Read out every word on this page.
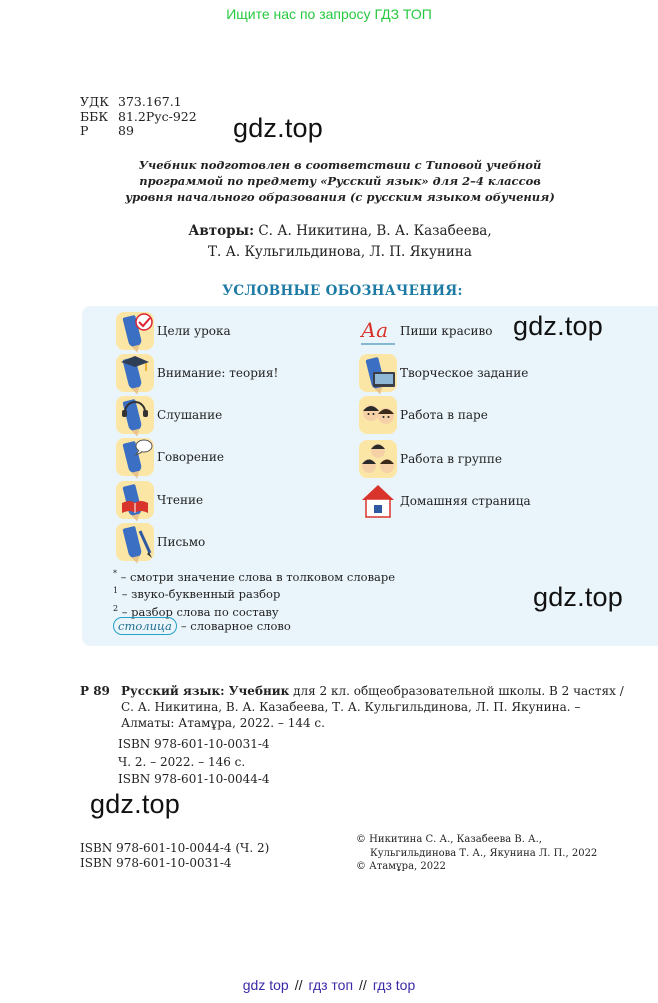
Ищите нас по запросу ГДЗ ТОП
УДК 373.167.1
ББК 81.2Рус-922
Р 89	gdz.top
Учебник подготовлен в соответствии с Типовой учебной
программой по предмету «Русский язык» для 2–4 классов
уровня начального образования (с русским языком обучения)
Авторы: С. А. Никитина, В. А. Казабеева,
Т. А. Кульгильдинова, Л. П. Якунина
УСЛОВНЫЕ ОБОЗНАЧЕНИЯ:
Цели урока
Внимание: теория!
Слушание
Говорение
Чтение
Письмо
Аа Пиши красиво
Творческое задание
Работа в паре
Работа в группе
Домашняя страница
gdz.top
* – смотри значение слова в толковом словаре
$^1$ – звуко-буквенный разбор
$^2$ – разбор слова по составу
столица – словарное слово
gdz.top
Р 89 Русский язык: Учебник для 2 кл. общеобразовательной школы. В 2 частях /
С. А. Никитина, В. А. Казабеева, Т. А. Кульгильдинова, Л. П. Якунина. –
Алматы: Атамұра, 2022. – 144 с.
ISBN 978-601-10-0031-4
Ч. 2. – 2022. – 146 с.
ISBN 978-601-10-0044-4
gdz.top
ISBN 978-601-10-0044-4 (Ч. 2)
ISBN 978-601-10-0031-4
© Никитина С. А., Казабеева В. А.,
Кульгильдинова Т. А., Якунина Л. П., 2022
© Атамұра, 2022
gdz top // гдз топ // гдз top
